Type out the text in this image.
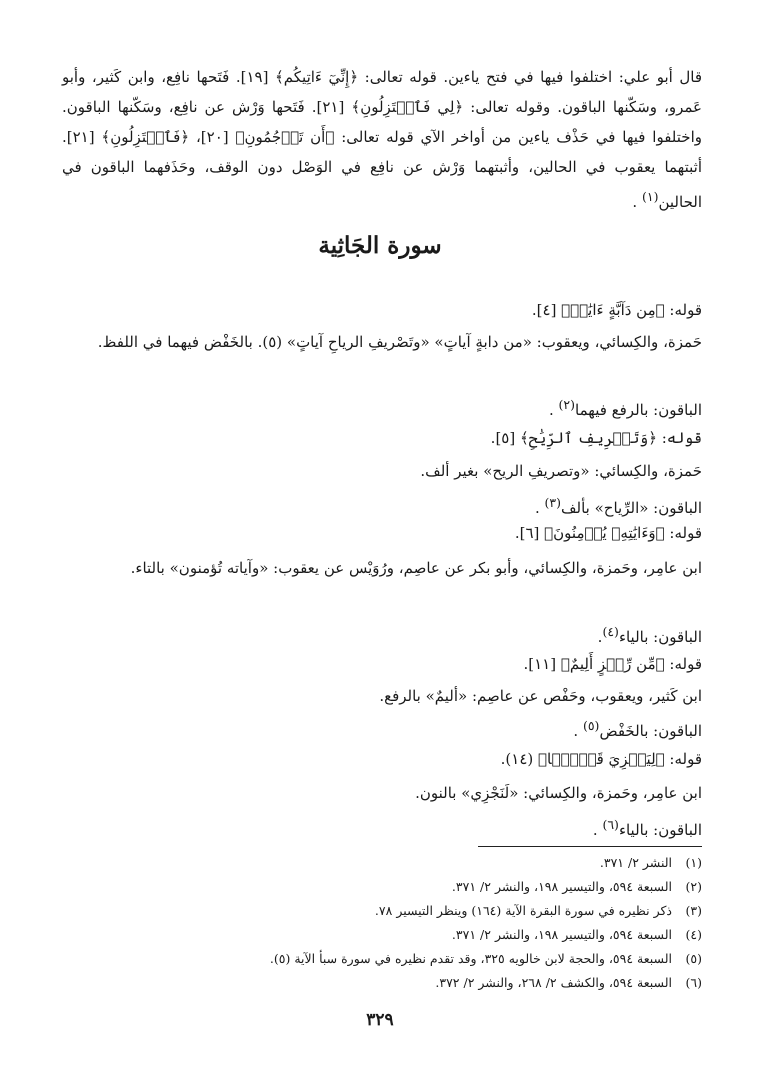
قال أبو علي: اختلفوا فيها في فتح ياءين. قوله تعالى: ﴿إِنِّيٓ ءَاتِيكُم﴾ [١٩]. فَتَحها نافِع، وابن كَثير، وأبو عَمرو، وسَكّنها الباقون. وقوله تعالى: ﴿لِي فَٱعۡتَزِلُونِ﴾ [٢١]. فَتَحها وَرْش عن نافِع، وسَكّنها الباقون. واختلفوا فيها في حَذْف ياءين من أواخر الآي قوله تعالى: ﴿أَن تَرۡجُمُونِ﴾ [٢٠]، ﴿فَٱعۡتَزِلُونِ﴾ [٢١]. أثبتهما يعقوب في الحالين، وأثبتهما وَرْش عن نافِع في الوَصْل دون الوقف، وحَذَفهما الباقون في الحالين$^{(١)}$ .

سورة الجَاثِية
قوله: ﴿مِن دَآبَّةٍ ءَايَٰتٞ﴾ [٤].

حَمزة، والكِسائي، ويعقوب: «من دابةٍ آياتٍ» «وتَصْريفِ الرياحِ آياتٍ» (٥). بالخَفْض فيهما في اللفظ.

الباقون: بالرفع فيهما$^{(٢)}$ .
قوله: ﴿وَتَصۡرِيفِ ٱلرِّيَٰحِ﴾ [٥].
حَمزة، والكِسائي: «وتصريفِ الريح» بغير ألف.
الباقون: «الرِّياح» بألف$^{(٣)}$ .
قوله: ﴿وَءَايَٰتِهِۦ يُؤۡمِنُونَ﴾ [٦].

ابن عامِر، وحَمزة، والكِسائي، وأبو بكر عن عاصِم، ورُوَيْس عن يعقوب: «وآياته تُؤمنون» بالتاء.

الباقون: بالياء$^{(٤)}$.
قوله: ﴿مِّن رِّجۡزٍ أَلِيمٌ﴾ [١١].
ابن كَثير، ويعقوب، وحَفْص عن عاصِم: «أليمٌ» بالرفع.
الباقون: بالخَفْض$^{(٥)}$ .
قوله: ﴿لِيَجۡزِيَ قَوۡمَۢا﴾ (١٤).
ابن عامِر، وحَمزة، والكِسائي: «لَنَجْزِي» بالنون.
الباقون: بالياء$^{(٦)}$ .
(١)النشر ٢/ ٣٧١.
(٢)السبعة ٥٩٤، والتيسير ١٩٨، والنشر ٢/ ٣٧١.
(٣)ذكر نظيره في سورة البقرة الآية (١٦٤) وينظر التيسير ٧٨.
(٤)السبعة ٥٩٤، والتيسير ١٩٨، والنشر ٢/ ٣٧١.
(٥)السبعة ٥٩٤، والحجة لابن خالويه ٣٢٥، وقد تقدم نظيره في سورة سبأ الآية (٥).
(٦)السبعة ٥٩٤، والكشف ٢/ ٢٦٨، والنشر ٢/ ٣٧٢.
٣٢٩
